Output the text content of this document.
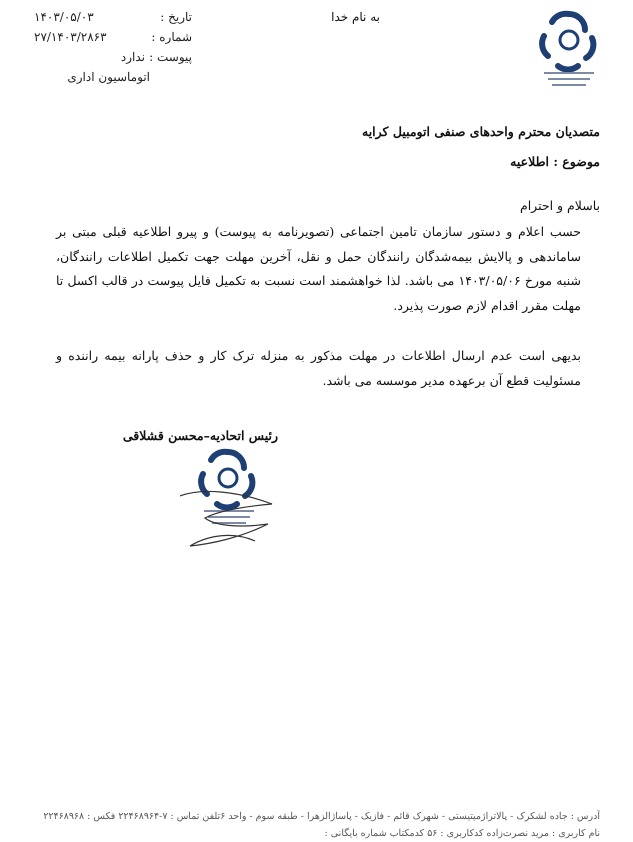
به نام خدا
تاریخ :
۱۴۰۳/۰۵/۰۳
شماره :
۲۷/۱۴۰۳/۲۸۶۳
پیوست :
ندارد
اتوماسیون اداری
متصدیان محترم واحدهای صنفی اتومبیل کرایه
موضوع : اطلاعیه
باسلام و احترام
حسب اعلام و دستور سازمان تامین اجتماعی (تصویرنامه به پیوست) و پیرو اطلاعیه قبلی مبتی بر ساماندهی و پالایش بیمه‌شدگان رانندگان حمل و نقل، آخرین مهلت جهت تکمیل اطلاعات رانندگان، شنبه مورخ ۱۴۰۳/۰۵/۰۶ می باشد. لذا خواهشمند است نسبت به تکمیل فایل پیوست در قالب اکسل تا مهلت مقرر اقدام لازم صورت پذیرد.
بدیهی است عدم ارسال اطلاعات در مهلت مذکور به منزله ترک کار و حذف پارانه بیمه راننده و مسئولیت قطع آن برعهده مدیر موسسه می باشد.
رئیس اتحادیه–محسن قشلاقی
آدرس : جاده لشکرک - پالاتراژمیتیستی - شهرک قائم - فازیک - پاساژالزهرا - طبقه سوم - واحد ۶تلفن تماس : ۷-۲۲۴۶۸۹۶۴ فکس : ۲۲۴۶۸۹۶۸
نام کاربری : مرید نصرت‌زاده کدکاربری : ۵۶ کدمکتاب شماره بایگانی :
